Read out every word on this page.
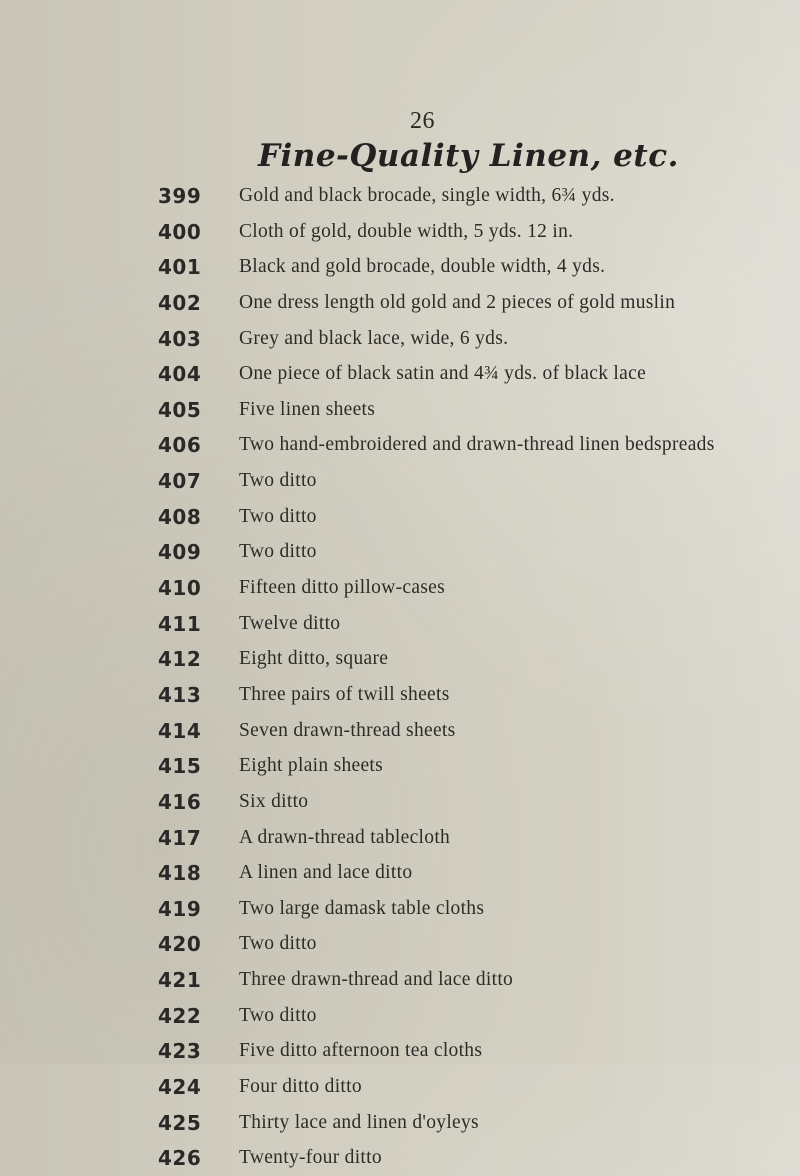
26
Fine-Quality Linen, etc.
399 Gold and black brocade, single width, 6¾ yds.
400 Cloth of gold, double width, 5 yds. 12 in.
401 Black and gold brocade, double width, 4 yds.
402 One dress length old gold and 2 pieces of gold muslin
403 Grey and black lace, wide, 6 yds.
404 One piece of black satin and 4¾ yds. of black lace
405 Five linen sheets
406 Two hand-embroidered and drawn-thread linen bedspreads
407 Two ditto
408 Two ditto
409 Two ditto
410 Fifteen ditto pillow-cases
411 Twelve ditto
412 Eight ditto, square
413 Three pairs of twill sheets
414 Seven drawn-thread sheets
415 Eight plain sheets
416 Six ditto
417 A drawn-thread tablecloth
418 A linen and lace ditto
419 Two large damask table cloths
420 Two ditto
421 Three drawn-thread and lace ditto
422 Two ditto
423 Five ditto afternoon tea cloths
424 Four ditto ditto
425 Thirty lace and linen d'oyleys
426 Twenty-four ditto
